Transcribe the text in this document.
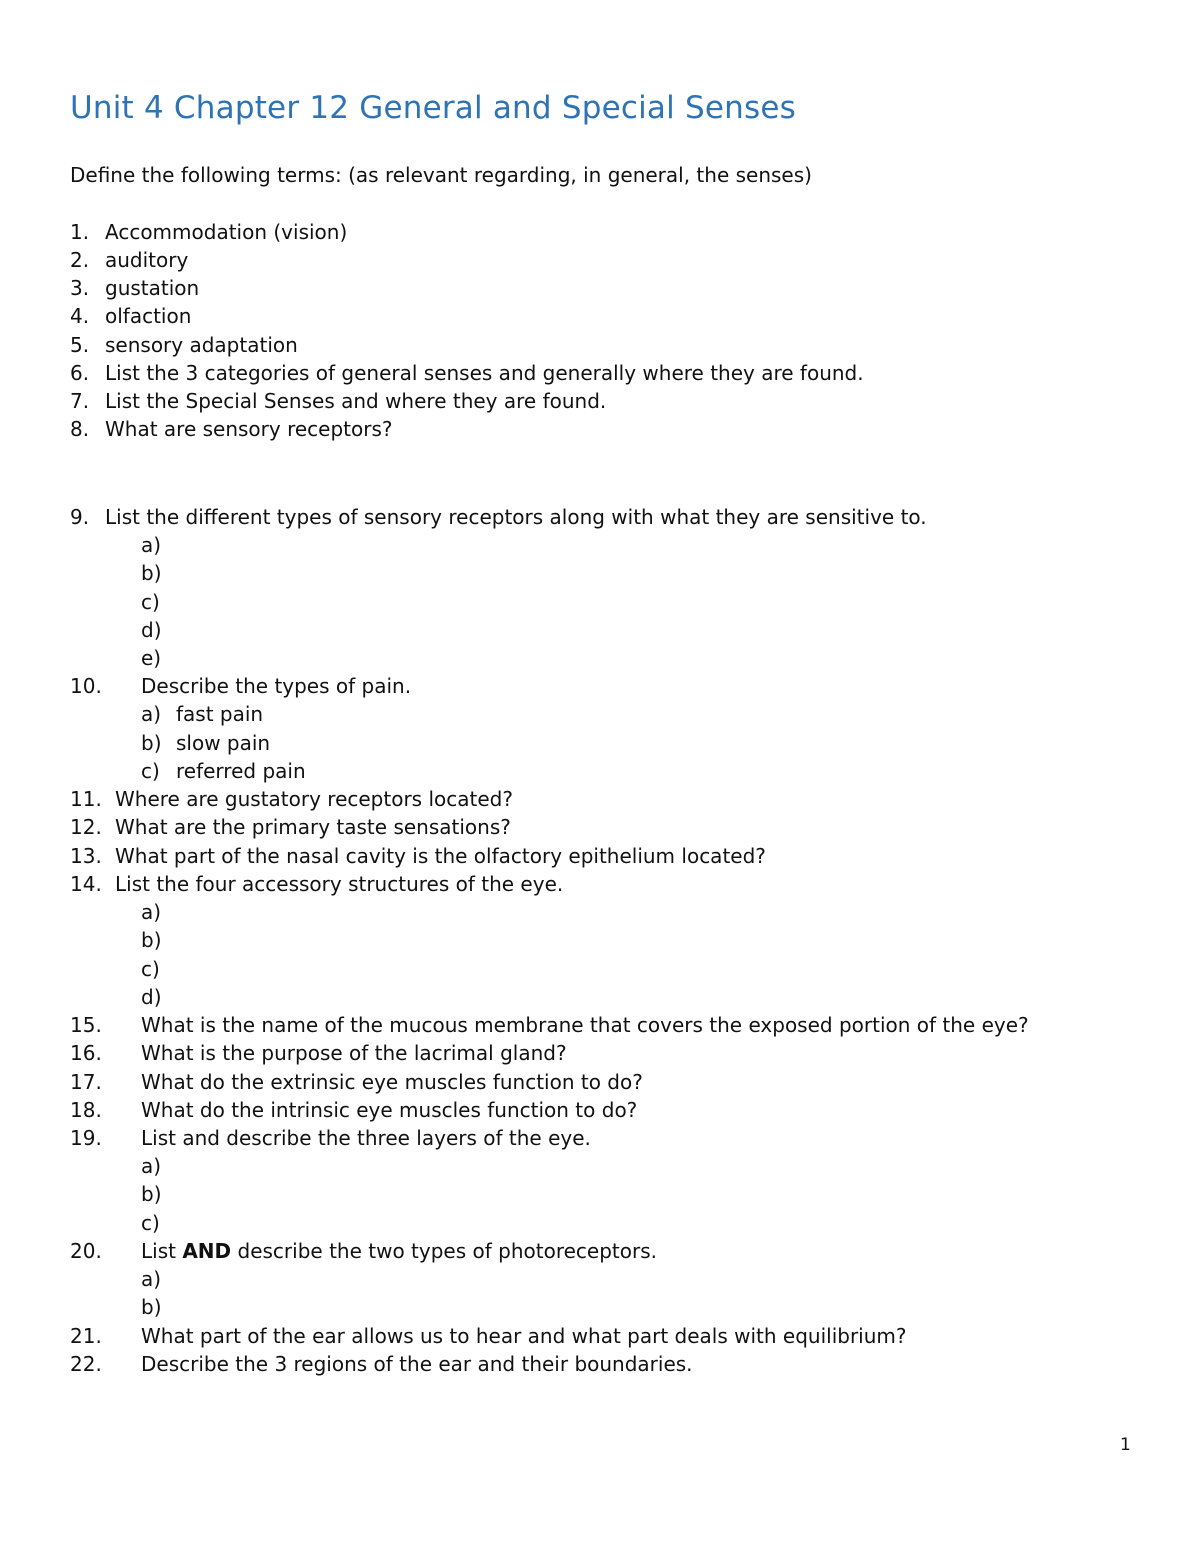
Unit 4 Chapter 12 General and Special Senses

Define the following terms: (as relevant regarding, in general, the senses)

1. Accommodation (vision)
2. auditory
3. gustation
4. olfaction
5. sensory adaptation
6. List the 3 categories of general senses and generally where they are found.
7. List the Special Senses and where they are found.
8. What are sensory receptors?
9. List the different types of sensory receptors along with what they are sensitive to.
a)
b)
c)
d)
e)
10. Describe the types of pain.
a) fast pain
b) slow pain
c) referred pain
11. Where are gustatory receptors located?
12. What are the primary taste sensations?
13. What part of the nasal cavity is the olfactory epithelium located?
14. List the four accessory structures of the eye.
a)
b)
c)
d)
15. What is the name of the mucous membrane that covers the exposed portion of the eye?
16. What is the purpose of the lacrimal gland?
17. What do the extrinsic eye muscles function to do?
18. What do the intrinsic eye muscles function to do?
19. List and describe the three layers of the eye.
a)
b)
c)
20. List AND describe the two types of photoreceptors.
a)
b)
21. What part of the ear allows us to hear and what part deals with equilibrium?
22. Describe the 3 regions of the ear and their boundaries.
1
